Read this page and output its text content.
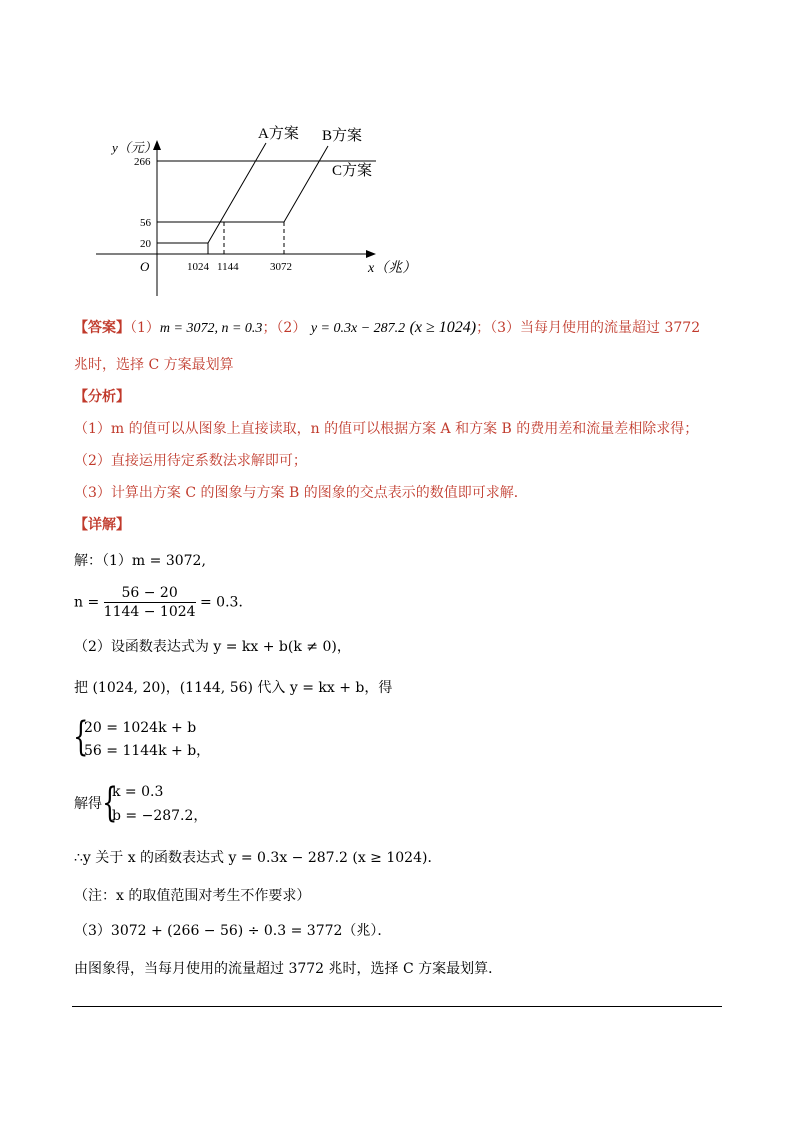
y（元）
x（兆）
O
266
56
20
1024 1144	3072
A方案 B方案
C方案
【答案】（1）m = 3072, n = 0.3；（2） y = 0.3x − 287.2 (x ≥ 1024)；（3）当每月使用的流量超过 3772
兆时，选择 C 方案最划算
【分析】
（1）m 的值可以从图象上直接读取，n 的值可以根据方案 A 和方案 B 的费用差和流量差相除求得；
（2）直接运用待定系数法求解即可；
（3）计算出方案 C 的图象与方案 B 的图象的交点表示的数值即可求解．
【详解】
解：（1）m = 3072,
$n = \frac{56 - 20}{1144 - 1024} = 0.3$．
（2）设函数表达式为 y = kx + b(k ≠ 0)，
把 (1024, 20)，(1144, 56) 代入 y = kx + b，得
{
20 = 1024k + b
56 = 1144k + b，
解得 {
k = 0.3
b = −287.2，
∴y 关于 x 的函数表达式 y = 0.3x − 287.2 (x ≥ 1024)．
（注：x 的取值范围对考生不作要求）
（3）3072 + (266 − 56) ÷ 0.3 = 3772（兆）．
由图象得，当每月使用的流量超过 3772 兆时，选择 C 方案最划算．
